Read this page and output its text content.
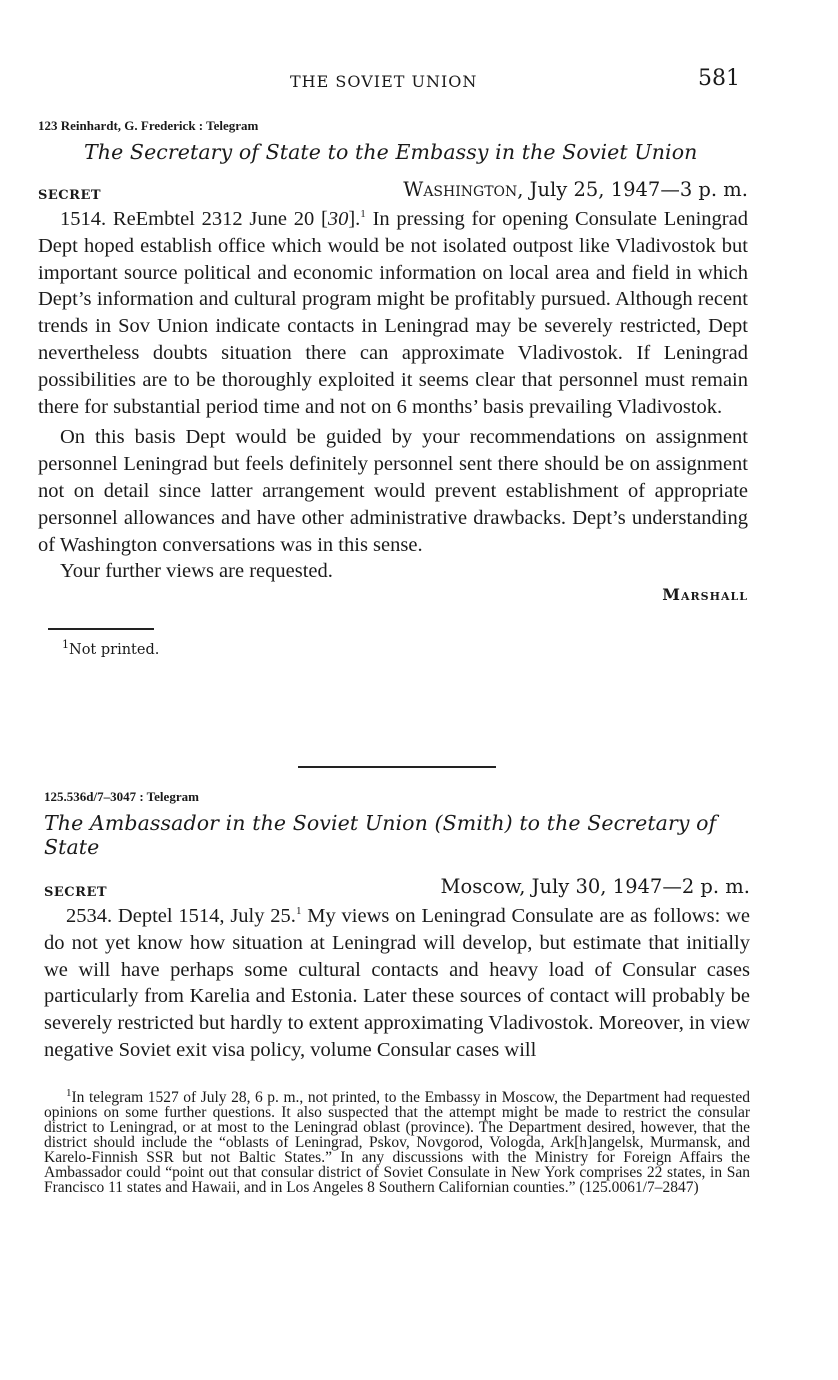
THE SOVIET UNION	581
123 Reinhardt, G. Frederick : Telegram
The Secretary of State to the Embassy in the Soviet Union
SECRET	Washington, July 25, 1947—3 p. m.

1514. ReEmbtel 2312 June 20 [30].$^1$ In pressing for opening Consulate Leningrad Dept hoped establish office which would be not isolated outpost like Vladivostok but important source political and economic information on local area and field in which Dept’s information and cultural program might be profitably pursued. Although recent trends in Sov Union indicate contacts in Leningrad may be severely restricted, Dept nevertheless doubts situation there can approximate Vladivostok. If Leningrad possibilities are to be thoroughly exploited it seems clear that personnel must remain there for substantial period time and not on 6 months’ basis prevailing Vladivostok.

On this basis Dept would be guided by your recommendations on assignment personnel Leningrad but feels definitely personnel sent there should be on assignment not on detail since latter arrangement would prevent establishment of appropriate personnel allowances and have other administrative drawbacks. Dept’s understanding of Washington conversations was in this sense.

Your further views are requested.

Marshall
$^1$Not printed.
125.536d/7–3047 : Telegram
The Ambassador in the Soviet Union (Smith) to the Secretary of State
SECRET	Moscow, July 30, 1947—2 p. m.

2534. Deptel 1514, July 25.$^1$ My views on Leningrad Consulate are as follows: we do not yet know how situation at Leningrad will develop, but estimate that initially we will have perhaps some cultural contacts and heavy load of Consular cases particularly from Karelia and Estonia. Later these sources of contact will probably be severely restricted but hardly to extent approximating Vladivostok. Moreover, in view negative Soviet exit visa policy, volume Consular cases will

$^1$In telegram 1527 of July 28, 6 p. m., not printed, to the Embassy in Moscow, the Department had requested opinions on some further questions. It also suspected that the attempt might be made to restrict the consular district to Leningrad, or at most to the Leningrad oblast (province). The Department desired, however, that the district should include the “oblasts of Leningrad, Pskov, Novgorod, Vologda, Ark[h]angelsk, Murmansk, and Karelo-Finnish SSR but not Baltic States.” In any discussions with the Ministry for Foreign Affairs the Ambassador could “point out that consular district of Soviet Consulate in New York comprises 22 states, in San Francisco 11 states and Hawaii, and in Los Angeles 8 Southern Californian counties.” (125.0061/7–2847)
